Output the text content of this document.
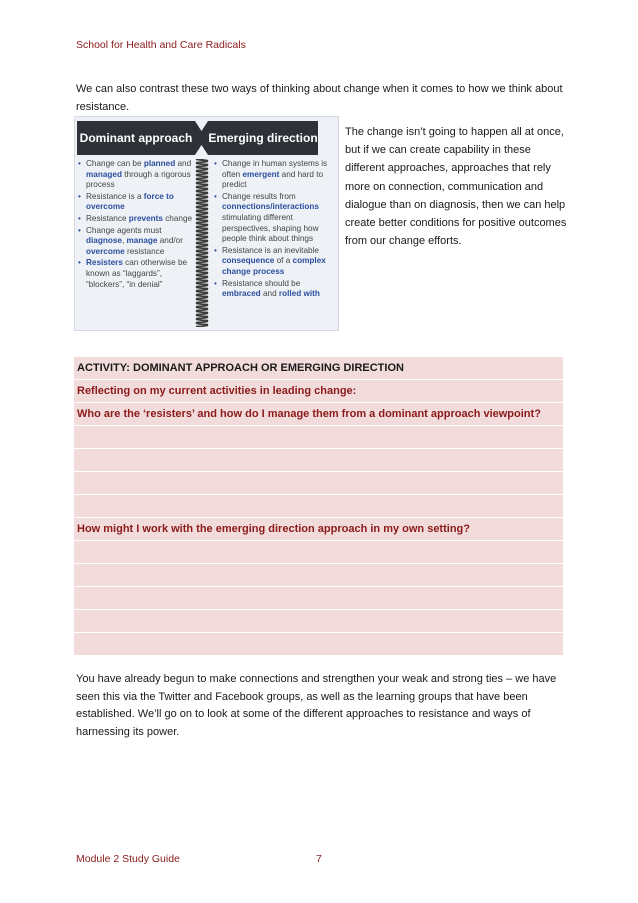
School for Health and Care Radicals
We can also contrast these two ways of thinking about change when it comes to how we think about resistance.
Dominant approach Emerging direction
• Change can be planned and managed through a rigorous process
• Resistance is a force to overcome
• Resistance prevents change
• Change agents must diagnose, manage and/or overcome resistance
• Resisters can otherwise be known as “laggards”, “blockers”, “in denial”
• Change in human systems is often emergent and hard to predict
• Change results from connections/interactions stimulating different perspectives, shaping how people think about things
• Resistance is an inevitable consequence of a complex change process
• Resistance should be embraced and rolled with
The change isn’t going to happen all at once, but if we can create capability in these different approaches, approaches that rely more on connection, communication and dialogue than on diagnosis, then we can help create better conditions for positive outcomes from our change efforts.
ACTIVITY: DOMINANT APPROACH OR EMERGING DIRECTION
Reflecting on my current activities in leading change:
Who are the ‘resisters’ and how do I manage them from a dominant approach viewpoint?

How might I work with the emerging direction approach in my own setting?

You have already begun to make connections and strengthen your weak and strong ties – we have seen this via the Twitter and Facebook groups, as well as the learning groups that have been established. We’ll go on to look at some of the different approaches to resistance and ways of harnessing its power.
Module 2 Study Guide	7
